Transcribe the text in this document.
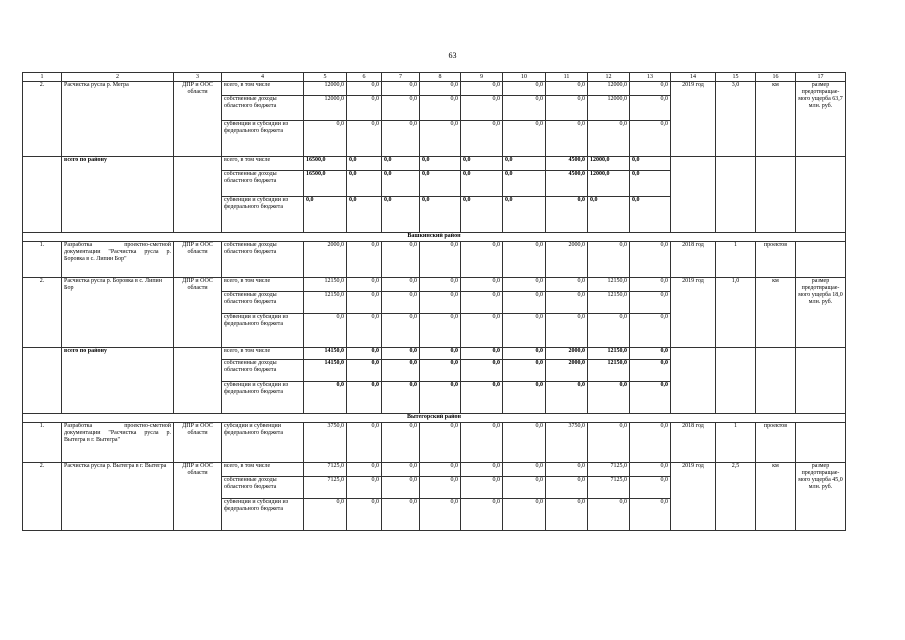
63
1	2	3	4	5	6	7	8	9	10	11	12	13	14	15	16	17
2.	Расчистка русла р. Мегра	ДПР и ООС области	всего, в том числе	12000,0	0,0	0,0	0,0	0,0	0,0	0,0	12000,0	0,0	2019 год	3,0	км	размер предотвращае-мого ущерба 63,7 млн. руб.
			собственные доходы областного бюджета	12000,0	0,0	0,0	0,0	0,0	0,0	0,0	12000,0	0,0				
			субвенции и субсидии из федерального бюджета	0,0	0,0	0,0	0,0	0,0	0,0	0,0	0,0	0,0				
	всего по району		всего, в том числе	16500,0	0,0	0,0	0,0	0,0	0,0	4500,0	12000,0	0,0				
			собственные доходы областного бюджета	16500,0	0,0	0,0	0,0	0,0	0,0	4500,0	12000,0	0,0				
			субвенции и субсидии из федерального бюджета	0,0	0,0	0,0	0,0	0,0	0,0	0,0	0,0	0,0				
Вашкинский район																
1.	Разработка проектно-сметной документации "Расчистка русла р. Боровка в с. Липин Бор"	ДПР и ООС области	собственные доходы областного бюджета	2000,0	0,0	0,0	0,0	0,0	0,0	2000,0	0,0	0,0	2018 год	1	проектов	
2.	Расчистка русла р. Боровка в с. Липин Бор	ДПР и ООС области	всего, в том числе	12150,0	0,0	0,0	0,0	0,0	0,0	0,0	12150,0	0,0	2019 год	1,0	км	размер предотвращае-мого ущерба 18,0 млн. руб.
			собственные доходы областного бюджета	12150,0	0,0	0,0	0,0	0,0	0,0	0,0	12150,0	0,0				
			субвенции и субсидии из федерального бюджета	0,0	0,0	0,0	0,0	0,0	0,0	0,0	0,0	0,0				
	всего по району		всего, в том числе	14150,0	0,0	0,0	0,0	0,0	0,0	2000,0	12150,0	0,0				
			собственные доходы областного бюджета	14150,0	0,0	0,0	0,0	0,0	0,0	2000,0	12150,0	0,0				
			субвенции и субсидии из федерального бюджета	0,0	0,0	0,0	0,0	0,0	0,0	0,0	0,0	0,0				
Вытегорский район																
1.	Разработка проектно-сметной документации "Расчистка русла р. Вытегра в г. Вытегра"	ДПР и ООС области	субсидии и субвенции федерального бюджета	3750,0	0,0	0,0	0,0	0,0	0,0	3750,0	0,0	0,0	2018 год	1	проектов	
2.	Расчистка русла р. Вытегра в г. Вытегра	ДПР и ООС области	всего, в том числе	7125,0	0,0	0,0	0,0	0,0	0,0	0,0	7125,0	0,0	2019 год	2,5	км	размер предотвращае-мого ущерба 45,0 млн. руб.
			собственные доходы областного бюджета	7125,0	0,0	0,0	0,0	0,0	0,0	0,0	7125,0	0,0				
			субвенции и субсидии из федерального бюджета	0,0	0,0	0,0	0,0	0,0	0,0	0,0	0,0	0,0				
